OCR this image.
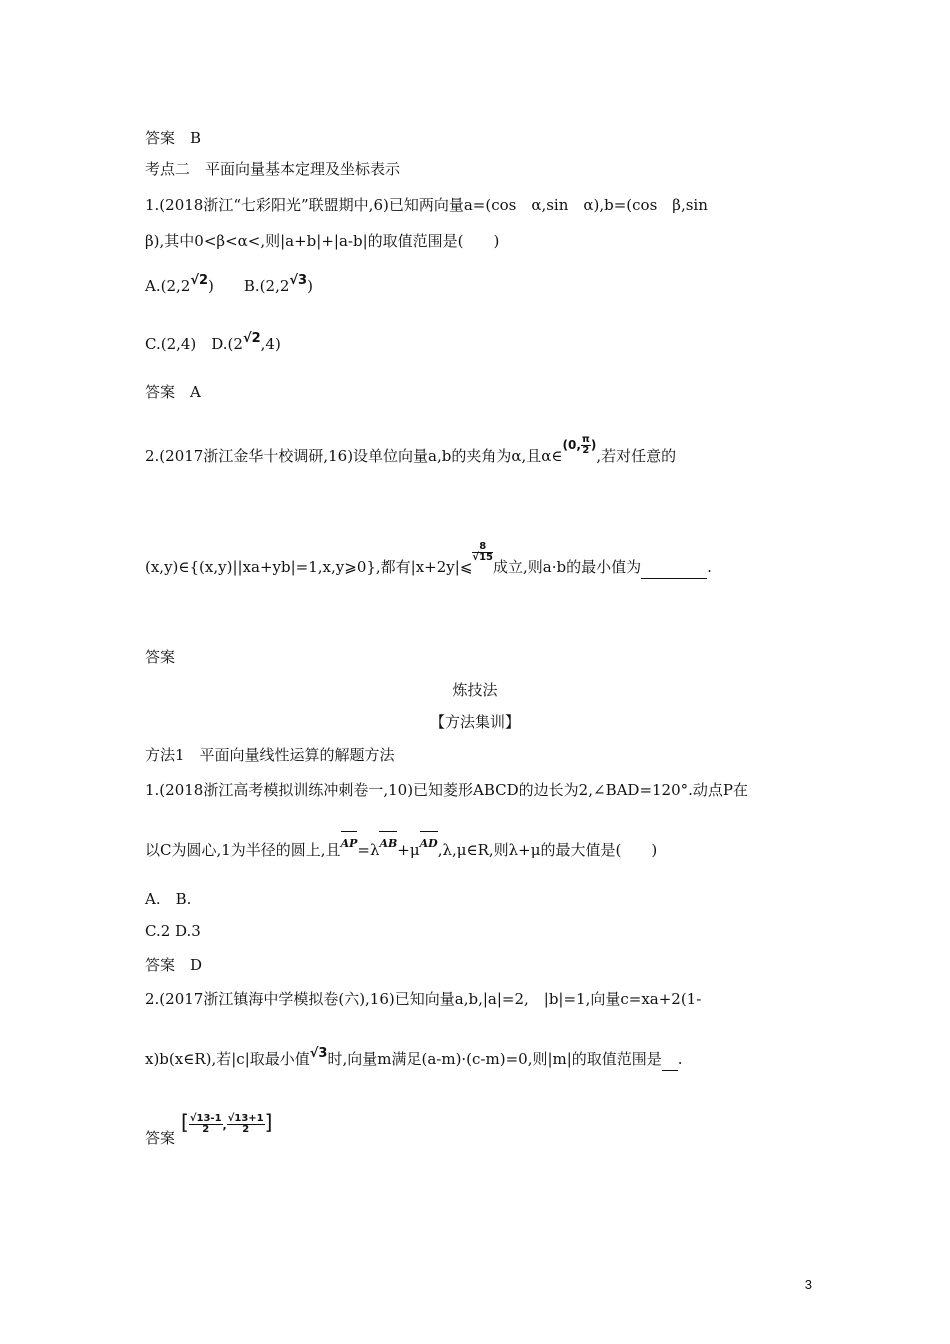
答案　B
考点二　平面向量基本定理及坐标表示
1.(2018浙江“七彩阳光”联盟期中,6)已知两向量a=(cos　α,sin　α),b=(cos　β,sin
β),其中0<β<α<,则|a+b|+|a-b|的取值范围是(　　)
A.(2,2√2)　　B.(2,2√3)
C.(2,4)　D.(2√2,4)
答案　A
2.(2017浙江金华十校调研,16)设单位向量a,b的夹角为α,且α∈$^{(0, \frac{\pi}{2} )}$,若对任意的
(x,y)∈{(x,y)||xa+yb|=1,x,y⩾0},都有|x+2y|⩽
$\frac{8}{√15}$
成立,则a·b的最小值为	.
答案
炼技法
【方法集训】
方法1　平面向量线性运算的解题方法
1.(2018浙江高考模拟训练冲刺卷一,10)已知菱形ABCD的边长为2,∠BAD=120°.动点P在
以C为圆心,1为半径的圆上,且AP=λAB+μAD,λ,μ∈R,则λ+μ的最大值是(　　)
A.　B.
C.2 D.3
答案　D
2.(2017浙江镇海中学模拟卷(六),16)已知向量a,b,|a|=2,　|b|=1,向量c=xa+2(1-
x)b(x∈R),若|c|取最小值√3时,向量m满足(a-m)·(c-m)=0,则|m|的取值范围是 .
答案[ $\frac{√13-1}{2}$ , $\frac{√13+1}{2}$ ]
3
